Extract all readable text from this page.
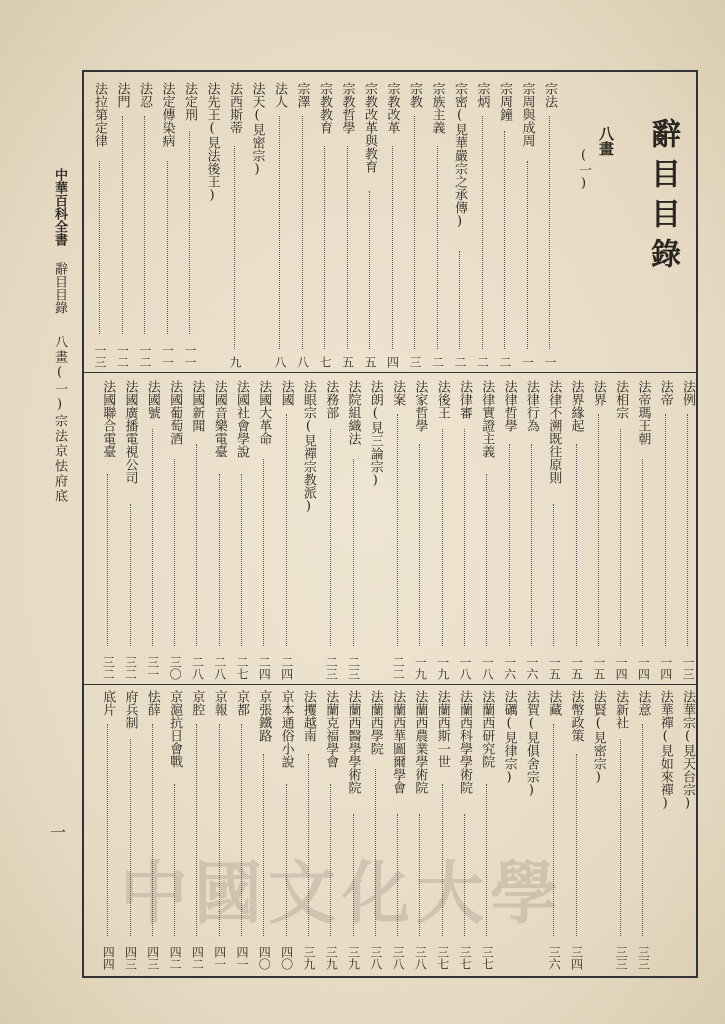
辭目目錄
八畫
(一)
中華百科全書
辭目目錄
八畫(一)宗法京怯府底
一
中國文化大學
宗法
一
宗周與成周
一
宗周鐘
二
宗炳
二
宗密(見華嚴宗之承傳)
二
宗族主義
二
宗教
三
宗教改革
四
宗教改革與教育
五
宗教哲學
五
宗教教育
七
宗澤
八
法人
八
法天(見密宗)
法西斯蒂
九
法先王(見法後王)
法定刑
一一
法定傳染病
一一
法忍
一二
法門
一二
法拉第定律
一三
法例
一三
法帝
一四
法帝瑪王朝
一四
法相宗
一四
法界
一五
法界緣起
一五
法律不溯既往原則
一五
法律行為
一六
法律哲學
一六
法律實證主義
一八
法律審
一八
法後王
一九
法家哲學
一九
法案
二二
法朗(見三論宗)
法院組織法
二三
法務部
二三
法眼宗(見禪宗教派)
法國
二四
法國大革命
二四
法國社會學說
二七
法國音樂電臺
二八
法國新聞
二八
法國葡萄酒
三〇
法國號
三一
法國廣播電視公司
三二
法國聯合電臺
三二
法華宗(見天台宗)
法華禪(見如來禪)
法意
三三
法新社
三三
法賢(見密宗)
法幣政策
三四
法藏
三六
法賀(見俱舍宗)
法礪(見律宗)
法蘭西研究院
三七
法蘭西科學學術院
三七
法蘭西斯一世
三七
法蘭西農業學術院
三八
法蘭西華圖爾學會
三八
法蘭西學院
三八
法蘭西醫學學術院
三九
法蘭克福學會
三九
法攫越南
三九
京本通俗小說
四〇
京張鐵路
四〇
京都
四一
京報
四一
京腔
四二
京滬抗日會戰
四二
怯薛
四三
府兵制
四三
底片
四四
